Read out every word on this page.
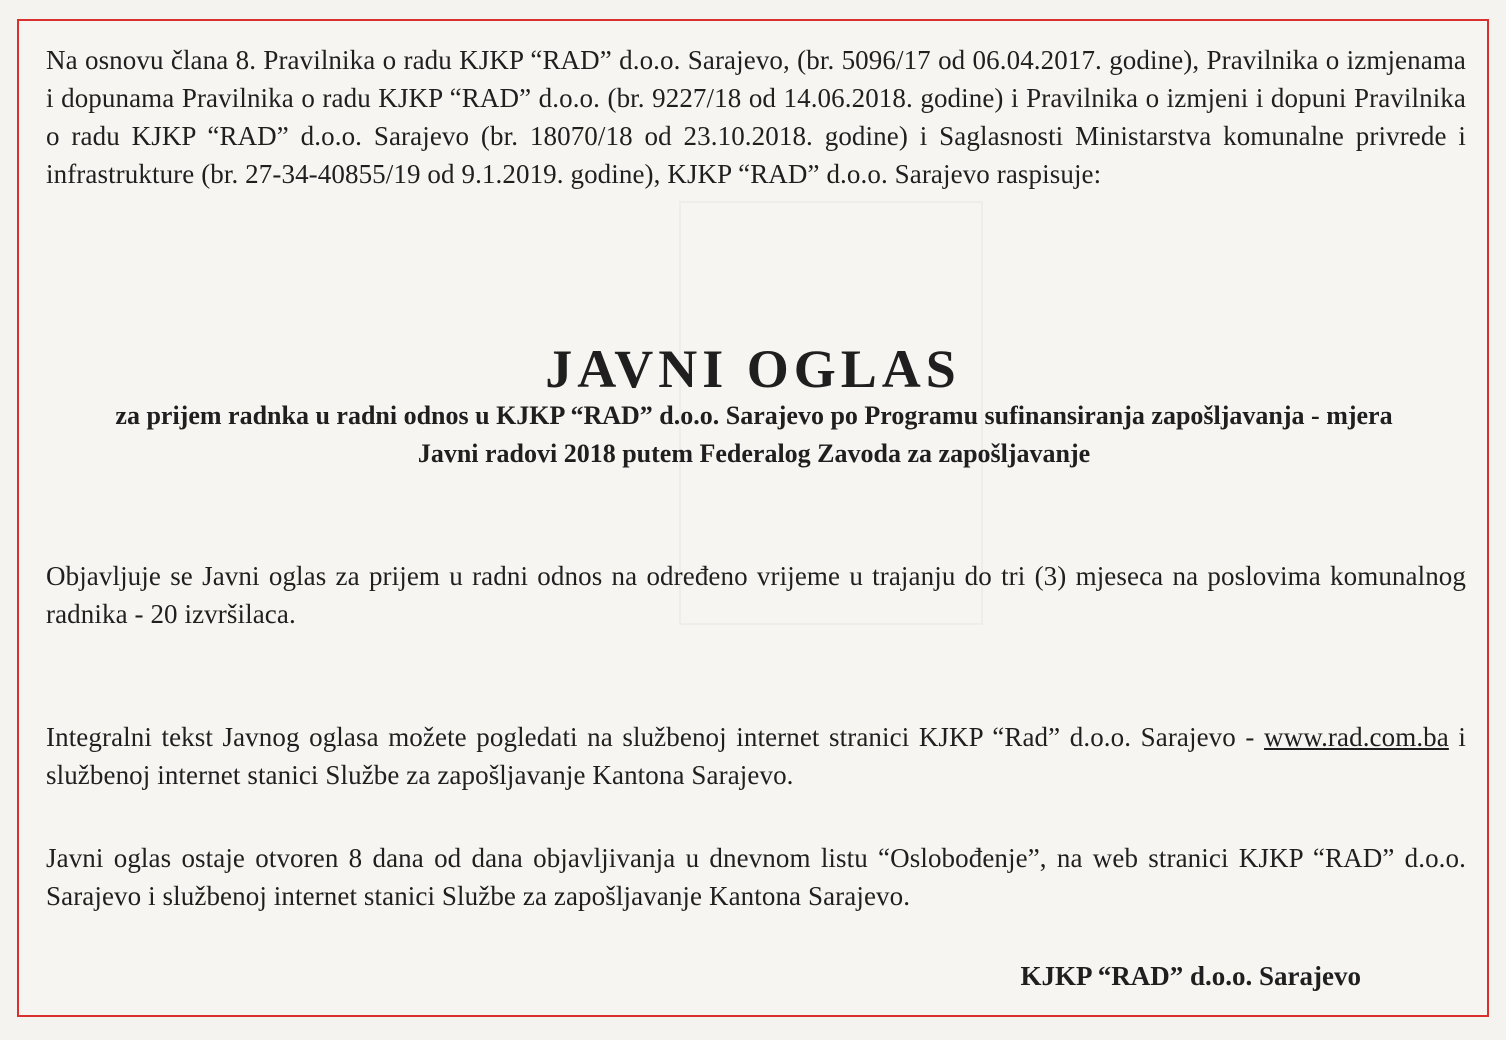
Na osnovu člana 8. Pravilnika o radu KJKP “RAD” d.o.o. Sarajevo, (br. 5096/17 od 06.04.2017. godine), Pravilnika o izmjenama i dopunama Pravilnika o radu KJKP “RAD” d.o.o. (br. 9227/18 od 14.06.2018. godine) i Pravilnika o izmjeni i dopuni Pravilnika o radu KJKP “RAD” d.o.o. Sarajevo (br. 18070/18 od 23.10.2018. godine) i Saglasnosti Ministarstva komunalne privrede i infrastrukture (br. 27-34-40855/19 od 9.1.2019. godine), KJKP “RAD” d.o.o. Sarajevo raspisuje:
JAVNI OGLAS
za prijem radnka u radni odnos u KJKP “RAD” d.o.o. Sarajevo po Programu sufinansiranja zapošljavanja - mjera Javni radovi 2018 putem Federalog Zavoda za zapošljavanje
Objavljuje se Javni oglas za prijem u radni odnos na određeno vrijeme u trajanju do tri (3) mjeseca na poslovima komunalnog radnika - 20 izvršilaca.
Integralni tekst Javnog oglasa možete pogledati na službenoj internet stranici KJKP “Rad” d.o.o. Sarajevo - www.rad.com.ba i službenoj internet stanici Službe za zapošljavanje Kantona Sarajevo.
Javni oglas ostaje otvoren 8 dana od dana objavljivanja u dnevnom listu “Oslobođenje”, na web stranici KJKP “RAD” d.o.o. Sarajevo i službenoj internet stanici Službe za zapošljavanje Kantona Sarajevo.
KJKP “RAD” d.o.o. Sarajevo
